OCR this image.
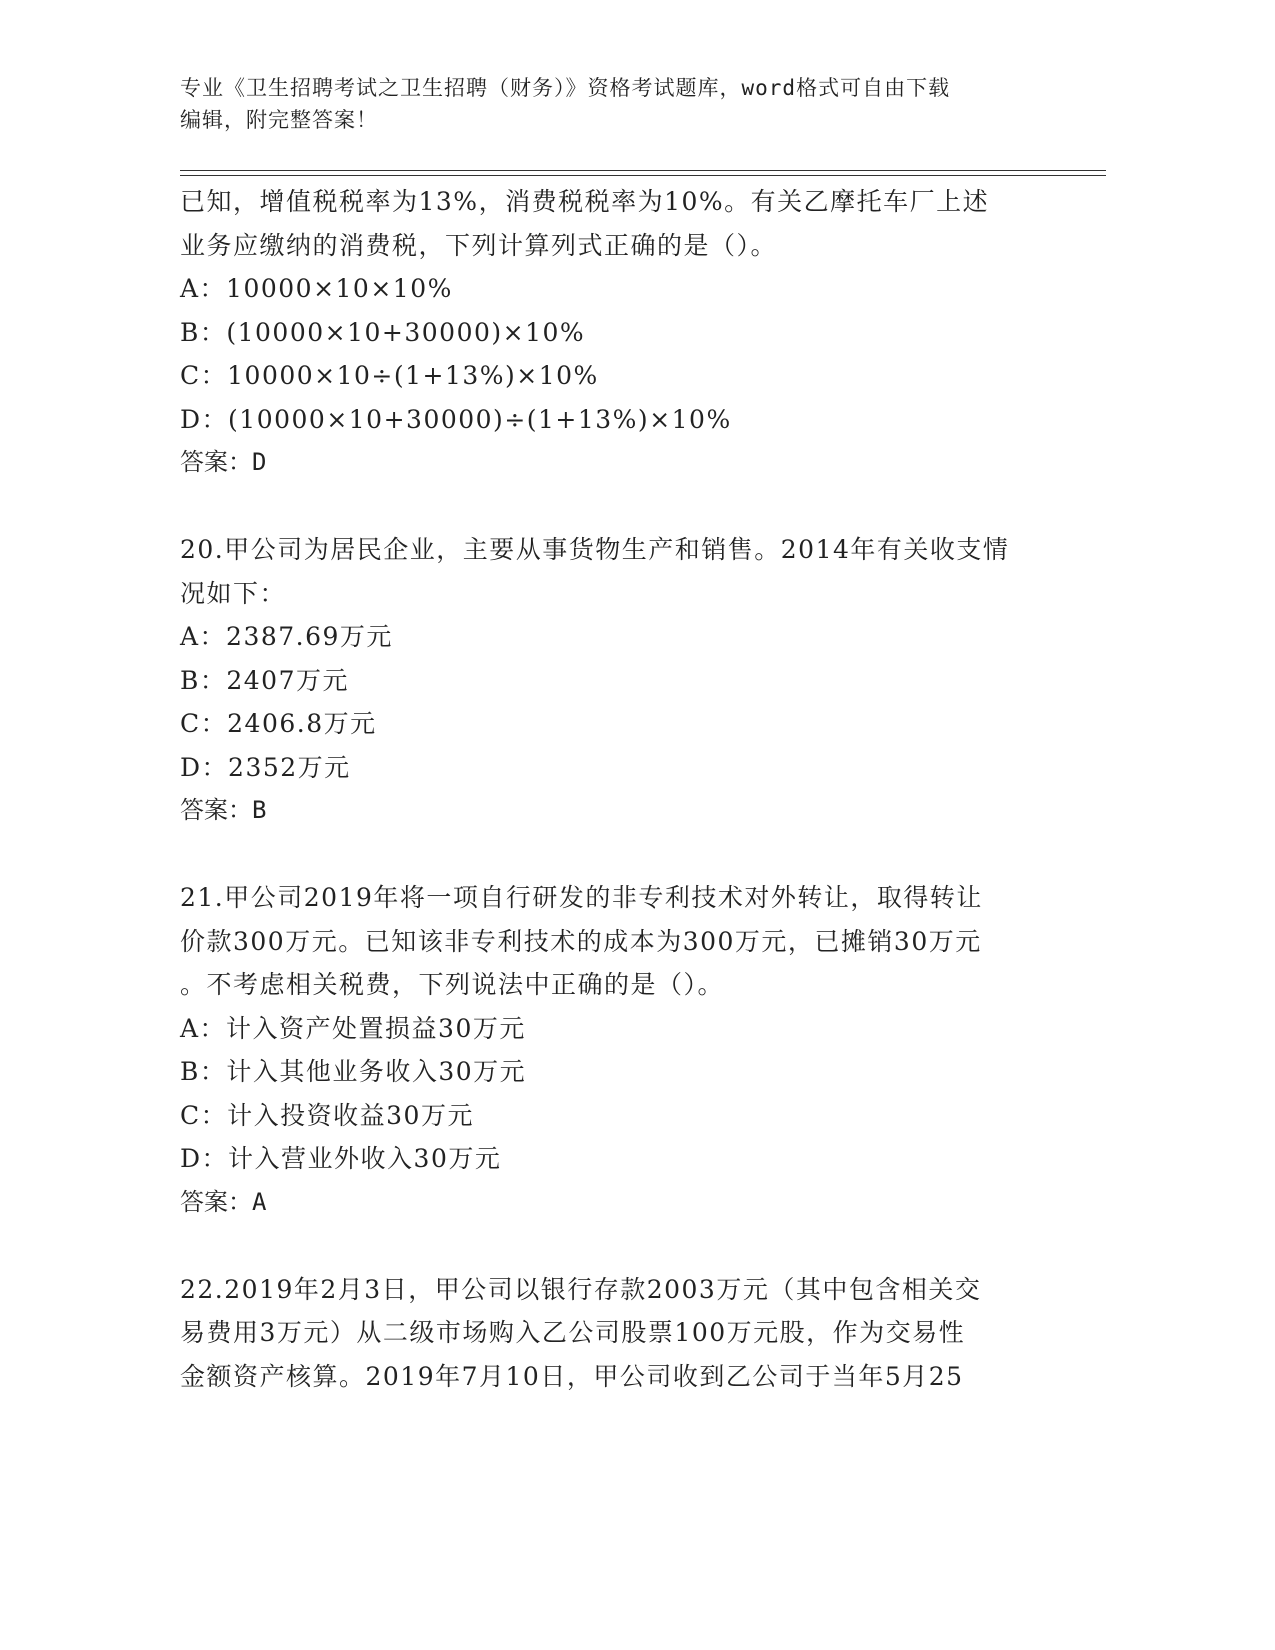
专业《卫生招聘考试之卫生招聘（财务）》资格考试题库，word格式可自由下载
编辑，附完整答案！
已知，增值税税率为13%，消费税税率为10%。有关乙摩托车厂上述
业务应缴纳的消费税，下列计算列式正确的是（）。
A：10000×10×10%
B：(10000×10+30000)×10%
C：10000×10÷(1+13%)×10%
D：(10000×10+30000)÷(1+13%)×10%
答案：D
20.甲公司为居民企业，主要从事货物生产和销售。2014年有关收支情
况如下：
A：2387.69万元
B：2407万元
C：2406.8万元
D：2352万元
答案：B
21.甲公司2019年将一项自行研发的非专利技术对外转让，取得转让
价款300万元。已知该非专利技术的成本为300万元，已摊销30万元
。不考虑相关税费，下列说法中正确的是（）。
A：计入资产处置损益30万元
B：计入其他业务收入30万元
C：计入投资收益30万元
D：计入营业外收入30万元
答案：A
22.2019年2月3日，甲公司以银行存款2003万元（其中包含相关交
易费用3万元）从二级市场购入乙公司股票100万元股，作为交易性
金额资产核算。2019年7月10日，甲公司收到乙公司于当年5月25
